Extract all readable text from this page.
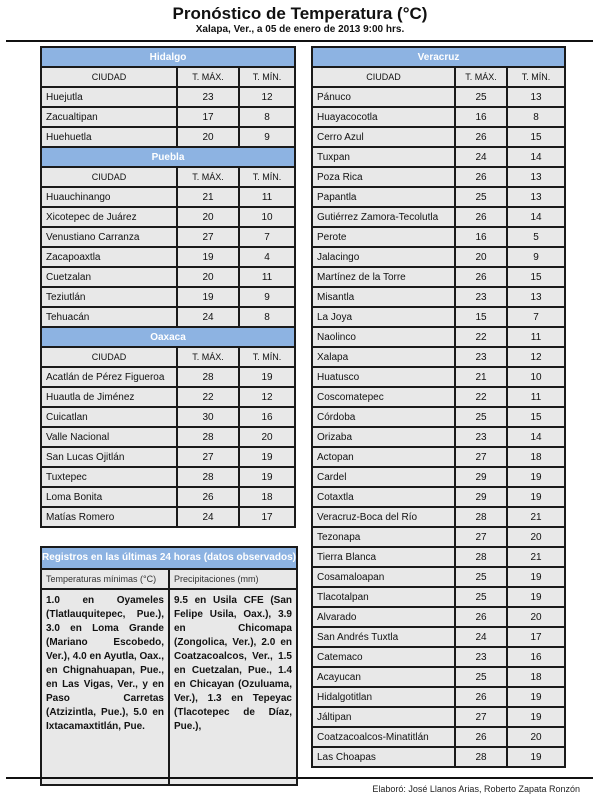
Pronóstico de Temperatura (°C)
Xalapa, Ver., a 05 de enero de 2013 9:00 hrs.
Hidalgo		
CIUDAD	T. MÁX.	T. MÍN.
Huejutla	23	12
Zacualtipan	17	8
Huehuetla	20	9
Puebla		
CIUDAD	T. MÁX.	T. MÍN.
Huauchinango	21	11
Xicotepec de Juárez	20	10
Venustiano Carranza	27	7
Zacapoaxtla	19	4
Cuetzalan	20	11
Teziutlán	19	9
Tehuacán	24	8
Oaxaca		
CIUDAD	T. MÁX.	T. MÍN.
Acatlán de Pérez Figueroa	28	19
Huautla de Jiménez	22	12
Cuicatlan	30	16
Valle Nacional	28	20
San Lucas Ojitlán	27	19
Tuxtepec	28	19
Loma Bonita	26	18
Matías Romero	24	17
Veracruz		
CIUDAD	T. MÁX.	T. MÍN.
Pánuco	25	13
Huayacocotla	16	8
Cerro Azul	26	15
Tuxpan	24	14
Poza Rica	26	13
Papantla	25	13
Gutiérrez Zamora-Tecolutla	26	14
Perote	16	5
Jalacingo	20	9
Martínez de la Torre	26	15
Misantla	23	13
La Joya	15	7
Naolinco	22	11
Xalapa	23	12
Huatusco	21	10
Coscomatepec	22	11
Córdoba	25	15
Orizaba	23	14
Actopan	27	18
Cardel	29	19
Cotaxtla	29	19
Veracruz-Boca del Río	28	21
Tezonapa	27	20
Tierra Blanca	28	21
Cosamaloapan	25	19
Tlacotalpan	25	19
Alvarado	26	20
San Andrés Tuxtla	24	17
Catemaco	23	16
Acayucan	25	18
Hidalgotitlan	26	19
Jáltipan	27	19
Coatzacoalcos-Minatitlán	26	20
Las Choapas	28	19
Registros en las últimas 24 horas (datos observados)
Temperaturas mínimas (°C)
1.0 en Oyameles (Tlatlauquitepec, Pue.), 3.0 en Loma Grande (Mariano Escobedo, Ver.), 4.0 en Ayutla, Oax., en Chignahuapan, Pue., en Las Vigas, Ver., y en Paso Carretas (Atzizintla, Pue.), 5.0 en Ixtacamaxtitlán, Pue.
Precipitaciones (mm)
9.5 en Usila CFE (San Felipe Usila, Oax.), 3.9 en Chicomapa (Zongolica, Ver.), 2.0 en Coatzacoalcos, Ver., 1.5 en Cuetzalan, Pue., 1.4 en Chicayan (Ozuluama, Ver.), 1.3 en Tepeyac (Tlacotepec de Díaz, Pue.),
Elaboró: José Llanos Arias, Roberto Zapata Ronzón
